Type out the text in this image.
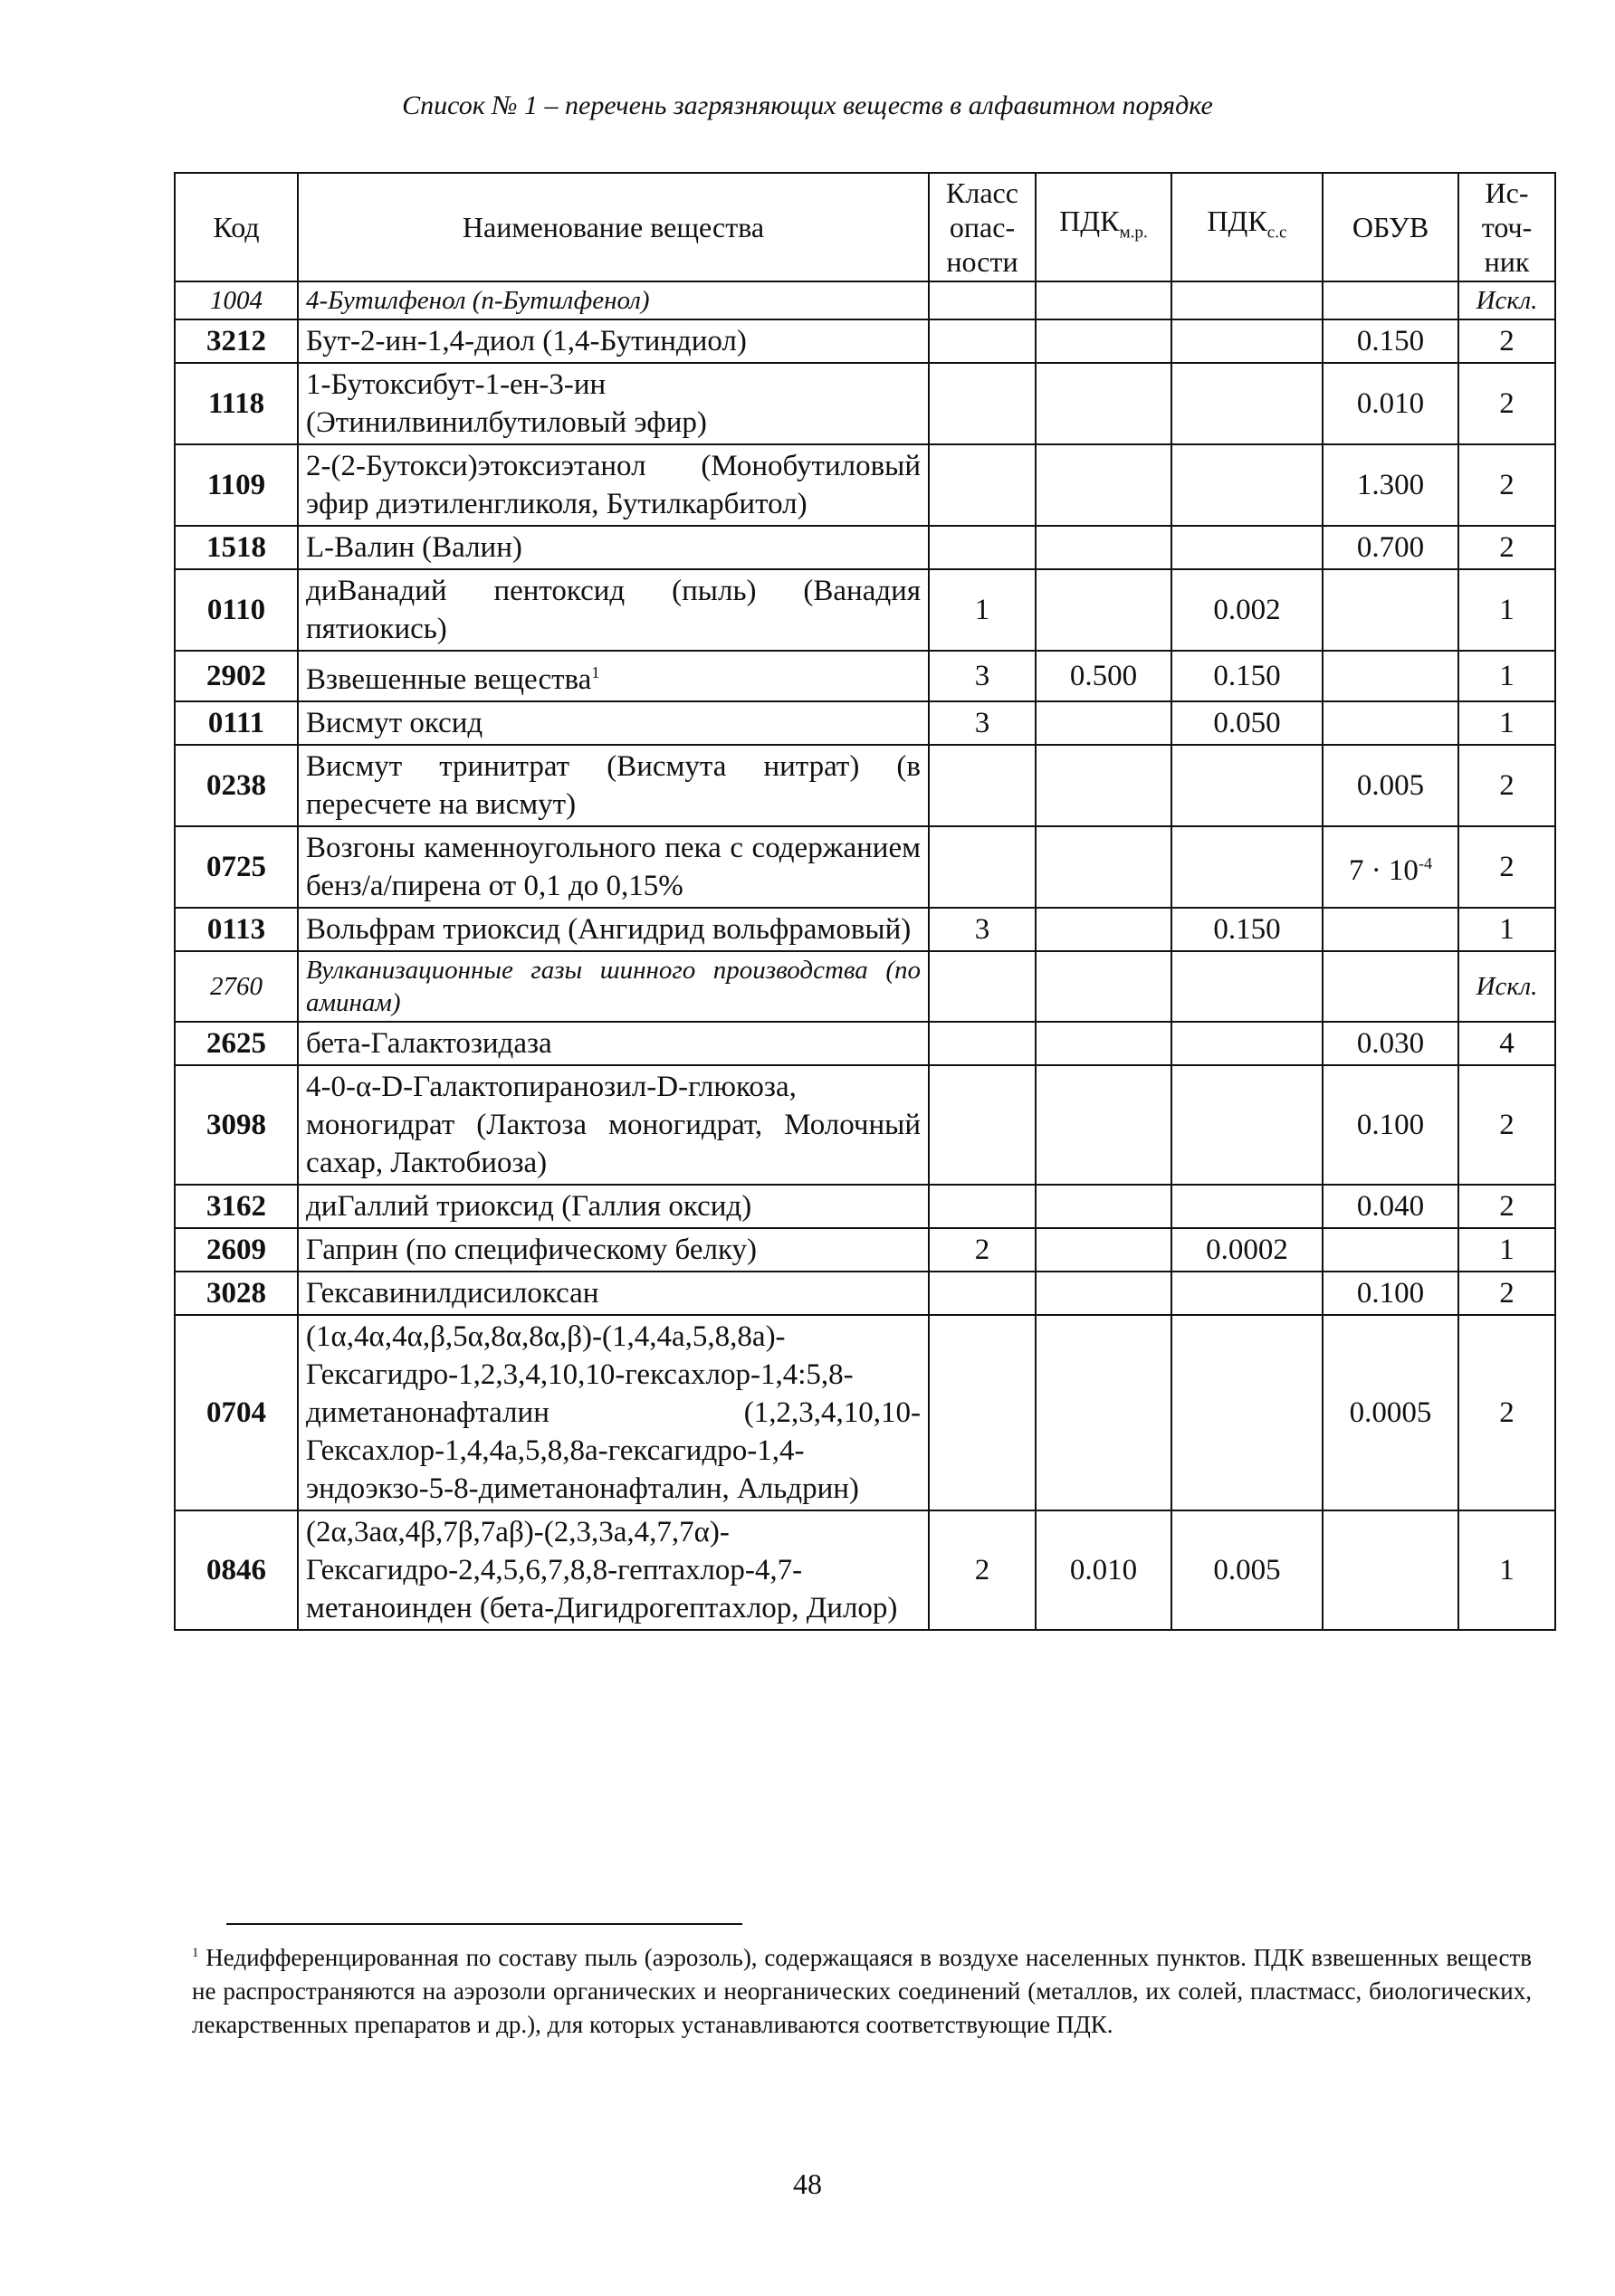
Список № 1 – перечень загрязняющих веществ в алфавитном порядке
Код	Наименование вещества	Класс опас- ности	$ПДК_{м.р.}$	$ПДК_{с.с}$	ОБУВ	Ис- точ- ник
1004	4-Бутилфенол (п-Бутилфенол)					Искл.
3212	Бут-2-ин-1,4-диол (1,4-Бутиндиол)				0.150	2
1118	1-Бутоксибут-1-ен-3-ин (Этинилвинилбутиловый эфир)				0.010	2
1109	2-(2-Бутокси)этоксиэтанол (Монобутиловый эфир диэтиленгликоля, Бутилкарбитол)				1.300	2
1518	L-Валин (Валин)				0.700	2
0110	диВанадий пентоксид (пыль) (Ванадия пятиокись)	1		0.002		1
2902	Взвешенные вещества$^1$	3	0.500	0.150		1
0111	Висмут оксид	3		0.050		1
0238	Висмут тринитрат (Висмута нитрат) (в пересчете на висмут)				0.005	2
0725	Возгоны каменноугольного пека с содержанием бенз/а/пирена от 0,1 до 0,15%				$7 \cdot 10^{-4}$	2
0113	Вольфрам триоксид (Ангидрид вольфрамовый)	3		0.150		1
2760	Вулканизационные газы шинного производства (по аминам)					Искл.
2625	бета-Галактозидаза				0.030	4
3098	4-0-α-D-Галактопиранозил-D-глюкоза, моногидрат (Лактоза моногидрат, Молочный сахар, Лактобиоза)				0.100	2
3162	диГаллий триоксид (Галлия оксид)				0.040	2
2609	Гаприн (по специфическому белку)	2		0.0002		1
3028	Гексавинилдисилоксан				0.100	2
0704	(1α,4α,4α,β,5α,8α,8α,β)-(1,4,4а,5,8,8а)-Гексагидро-1,2,3,4,10,10-гексахлор-1,4:5,8-диметанонафталин (1,2,3,4,10,10-Гексахлор-1,4,4а,5,8,8а-гексагидро-1,4-эндоэкзо-5-8-диметанонафталин, Альдрин)				0.0005	2
0846	(2α,3aα,4β,7β,7aβ)-(2,3,3а,4,7,7α)-Гексагидро-2,4,5,6,7,8,8-гептахлор-4,7-метаноинден (бета-Дигидрогептахлор, Дилор)	2	0.010	0.005		1
$^1$ Недифференцированная по составу пыль (аэрозоль), содержащаяся в воздухе населенных пунктов. ПДК взвешенных веществ не распространяются на аэрозоли органических и неорганических соединений (металлов, их солей, пластмасс, биологических, лекарственных препаратов и др.), для которых устанавливаются соответствующие ПДК.
48
